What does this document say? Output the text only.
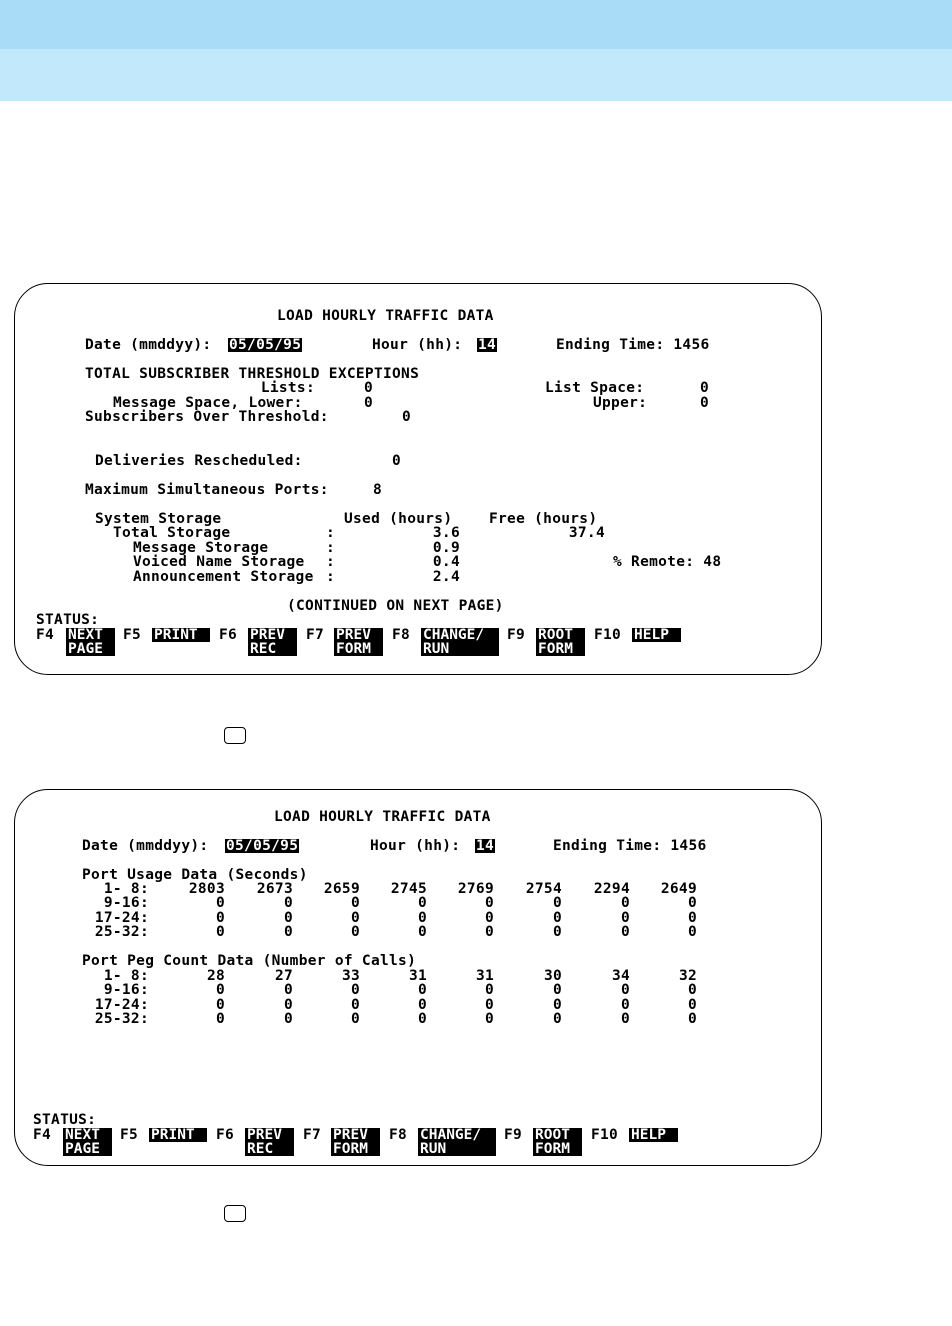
LOAD HOURLY TRAFFIC DATA
Date (mmddyy): 05/05/95	Hour (hh): 14	Ending Time: 1456
TOTAL SUBSCRIBER THRESHOLD EXCEPTIONS
Lists:	0	List Space:	0
Message Space, Lower:	0	Upper:	0
Subscribers Over Threshold:	0
Deliveries Rescheduled:	0
Maximum Simultaneous Ports:	8
System Storage	Used (hours)	Free (hours)
Total Storage	:	3.6	37.4
Message Storage	:	0.9
Voiced Name Storage :	0.4	% Remote: 48
Announcement Storage :	2.4
(CONTINUED ON NEXT PAGE)
STATUS:
F4 NEXT
PAGE
F5 PRINT	F6 PREV
REC
F7 PREV
FORM
F8 CHANGE/
RUN
F9 ROOT
FORM
F10 HELP
LOAD HOURLY TRAFFIC DATA
Date (mmddyy): 05/05/95	Hour (hh): 14	Ending Time: 1456
Port Usage Data (Seconds)
1- 8:	2803	2673	2659	2745	2769	2754	2294	2649
9-16:	0	0	0	0	0	0	0	0
17-24:	0	0	0	0	0	0	0	0
25-32:	0	0	0	0	0	0	0	0
Port Peg Count Data (Number of Calls)
1- 8:	28	27	33	31	31	30	34	32
9-16:	0	0	0	0	0	0	0	0
17-24:	0	0	0	0	0	0	0	0
25-32:	0	0	0	0	0	0	0	0
STATUS:
F4 NEXT
PAGE
F5 PRINT	F6 PREV
REC
F7 PREV
FORM
F8 CHANGE/
RUN
F9 ROOT
FORM
F10 HELP
